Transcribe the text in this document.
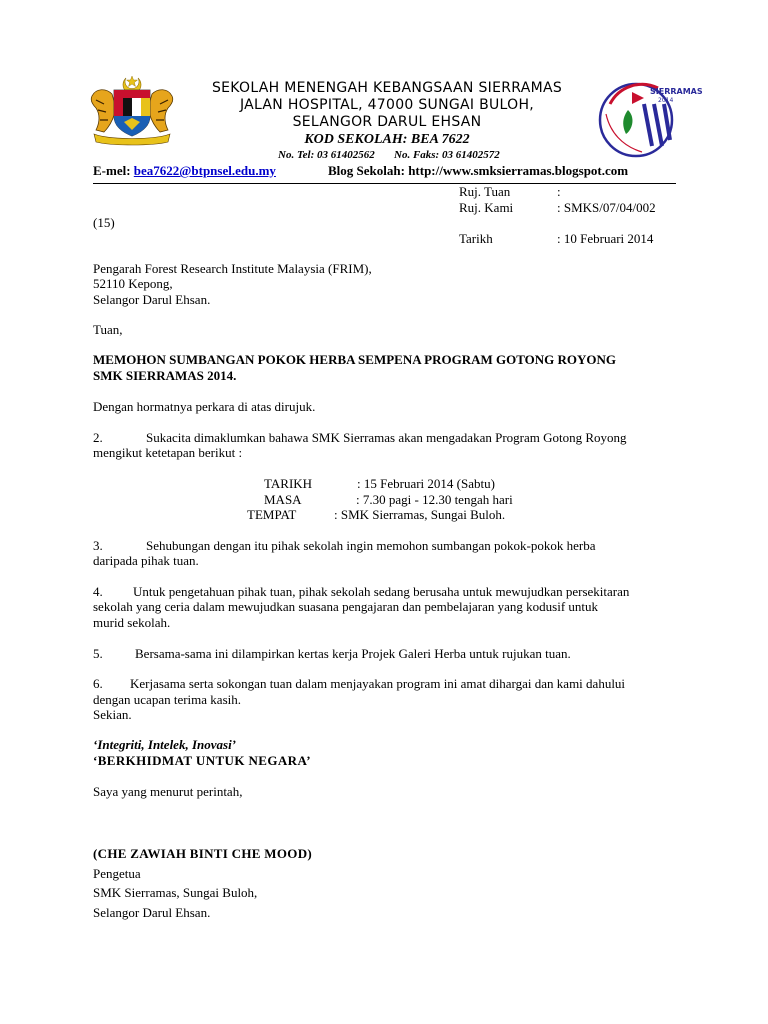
SEKOLAH MENENGAH KEBANGSAAN SIERRAMAS
JALAN HOSPITAL, 47000 SUNGAI BULOH,
SELANGOR DARUL EHSAN
KOD SEKOLAH: BEA 7622
No. Tel: 03 61402562 No. Faks: 03 61402572
E-mel: bea7622@btpnsel.edu.my	Blog Sekolah: http://www.smksierramas.blogspot.com
SIERRAMAS
2014
Ruj. Tuan	:
Ruj. Kami	: SMKS/07/04/002
(15)
Tarikh	: 10 Februari 2014
Pengarah Forest Research Institute Malaysia (FRIM),
52110 Kepong,
Selangor Darul Ehsan.
Tuan,
MEMOHON SUMBANGAN POKOK HERBA SEMPENA PROGRAM GOTONG ROYONG
SMK SIERRAMAS 2014.
Dengan hormatnya perkara di atas dirujuk.
2.	Sukacita dimaklumkan bahawa SMK Sierramas akan mengadakan Program Gotong Royong
mengikut ketetapan berikut :
TARIKH	: 15 Februari 2014 (Sabtu)
MASA	: 7.30 pagi - 12.30 tengah hari
TEMPAT	: SMK Sierramas, Sungai Buloh.
3.	Sehubungan dengan itu pihak sekolah ingin memohon sumbangan pokok-pokok herba
daripada pihak tuan.
4. Untuk pengetahuan pihak tuan, pihak sekolah sedang berusaha untuk mewujudkan persekitaran
sekolah yang ceria dalam mewujudkan suasana pengajaran dan pembelajaran yang kodusif untuk
murid sekolah.
5. Bersama-sama ini dilampirkan kertas kerja Projek Galeri Herba untuk rujukan tuan.
6. Kerjasama serta sokongan tuan dalam menjayakan program ini amat dihargai dan kami dahului
dengan ucapan terima kasih.
Sekian.
‘Integriti, Intelek, Inovasi’
‘BERKHIDMAT UNTUK NEGARA’
Saya yang menurut perintah,
(CHE ZAWIAH BINTI CHE MOOD)
Pengetua
SMK Sierramas, Sungai Buloh,
Selangor Darul Ehsan.
